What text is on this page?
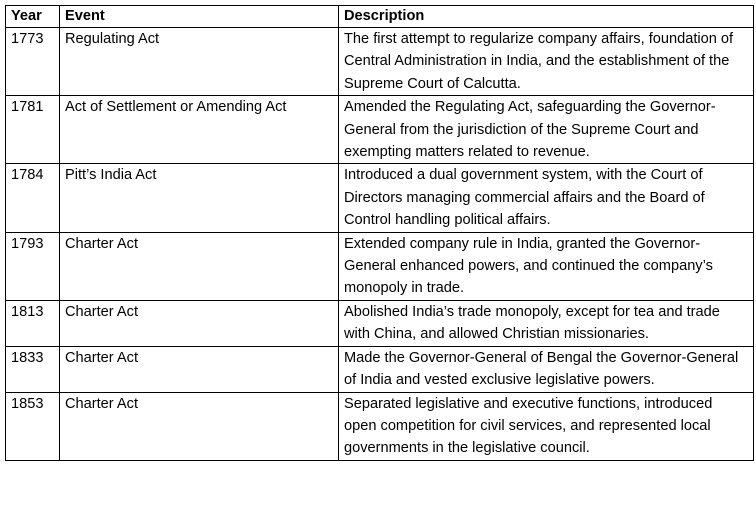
Year	Event	Description
1773	Regulating Act	The first attempt to regularize company affairs, foundation of Central Administration in India, and the establishment of the Supreme Court of Calcutta.
1781	Act of Settlement or Amending Act	Amended the Regulating Act, safeguarding the Governor-General from the jurisdiction of the Supreme Court and exempting matters related to revenue.
1784	Pitt’s India Act	Introduced a dual government system, with the Court of Directors managing commercial affairs and the Board of Control handling political affairs.
1793	Charter Act	Extended company rule in India, granted the Governor-General enhanced powers, and continued the company’s monopoly in trade.
1813	Charter Act	Abolished India’s trade monopoly, except for tea and trade with China, and allowed Christian missionaries.
1833	Charter Act	Made the Governor-General of Bengal the Governor-General of India and vested exclusive legislative powers.
1853	Charter Act	Separated legislative and executive functions, introduced open competition for civil services, and represented local governments in the legislative council.
